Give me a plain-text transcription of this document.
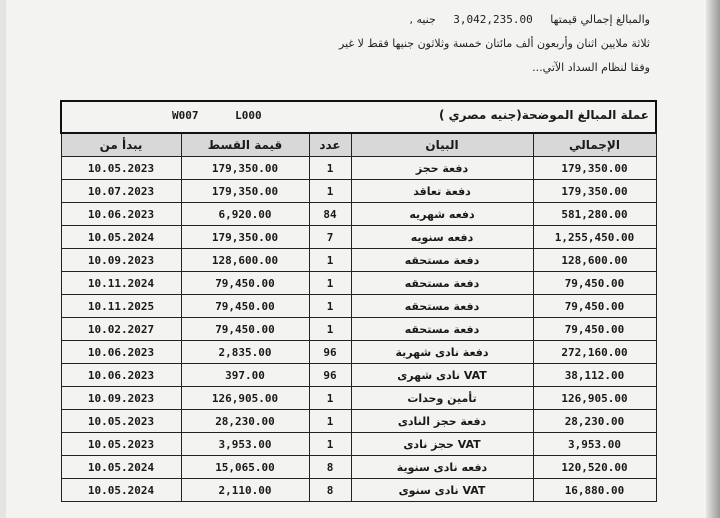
والمبالغ إجمالي قيمتها 3,042,235.00 جنيه ,
ثلاثة ملايين اثنان وأربعون ألف مائتان خمسة وثلاثون جنيها فقط لا غير
وفقا لنظام السداد الآتي...
W007 L000 عملة المبالغ الموضحة(جنيه مصري )				

يبدأ من	قيمة القسط	عدد	البيان	الإجمالي
10.05.2023	179,350.00	1	دفعة حجز	179,350.00
10.07.2023	179,350.00	1	دفعة تعاقد	179,350.00
10.06.2023	6,920.00	84	دفعه شهريه	581,280.00
10.05.2024	179,350.00	7	دفعه سنويه	1,255,450.00
10.09.2023	128,600.00	1	دفعة مستحقه	128,600.00
10.11.2024	79,450.00	1	دفعة مستحقه	79,450.00
10.11.2025	79,450.00	1	دفعة مستحقه	79,450.00
10.02.2027	79,450.00	1	دفعة مستحقه	79,450.00
10.06.2023	2,835.00	96	دفعة نادى شهرية	272,160.00
10.06.2023	397.00	96	VAT نادى شهرى	38,112.00
10.09.2023	126,905.00	1	تأمين وحدات	126,905.00
10.05.2023	28,230.00	1	دفعة حجز النادى	28,230.00
10.05.2023	3,953.00	1	VAT حجز نادى	3,953.00
10.05.2024	15,065.00	8	دفعه نادى سنوية	120,520.00
10.05.2024	2,110.00	8	VAT نادى سنوى	16,880.00
